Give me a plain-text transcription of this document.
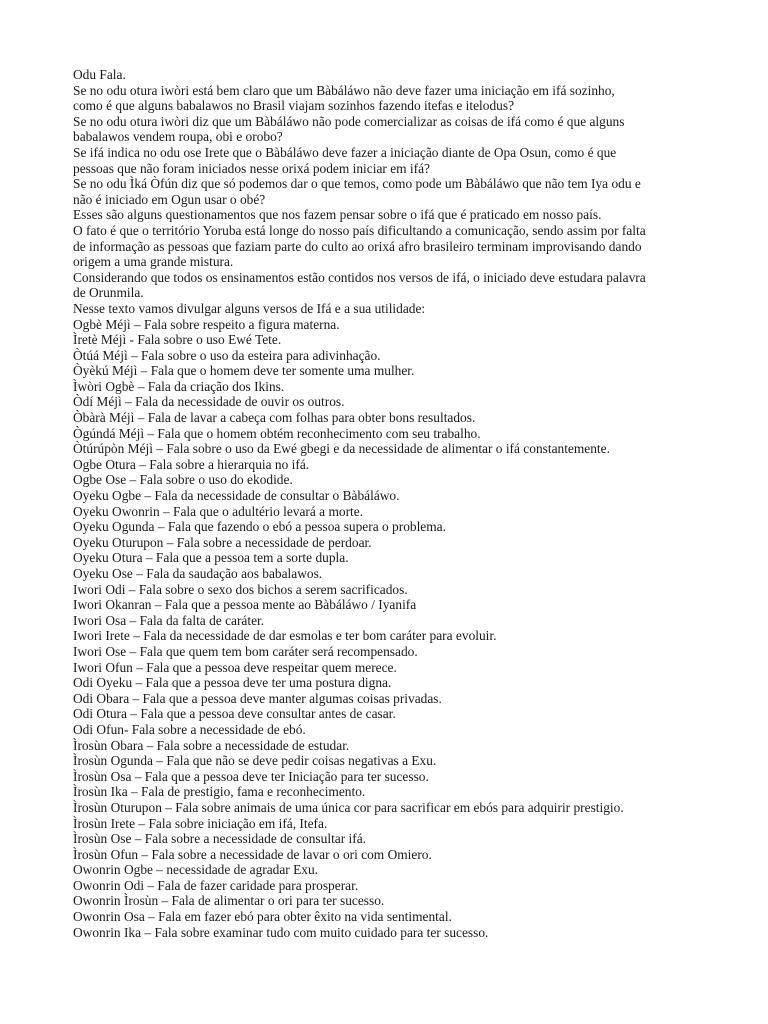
Odu Fala.
Se no odu otura iwòri está bem claro que um Bàbáláwo não deve fazer uma iniciação em ifá sozinho,
como é que alguns babalawos no Brasil viajam sozinhos fazendo itefas e itelodus?
Se no odu otura iwòri diz que um Bàbáláwo não pode comercializar as coisas de ifá como é que alguns
babalawos vendem roupa, obi e orobo?
Se ifá indica no odu ose Irete que o Bàbáláwo deve fazer a iniciação diante de Opa Osun, como é que
pessoas que não foram iniciados nesse orixá podem iniciar em ifá?
Se no odu Ìká Òfún diz que só podemos dar o que temos, como pode um Bàbáláwo que não tem Iya odu e
não é iniciado em Ogun usar o obé?
Esses são alguns questionamentos que nos fazem pensar sobre o ifá que é praticado em nosso país.
O fato é que o território Yoruba está longe do nosso país dificultando a comunicação, sendo assim por falta
de informação as pessoas que faziam parte do culto ao orixá afro brasileiro terminam improvisando dando
origem a uma grande mistura.
Considerando que todos os ensinamentos estão contidos nos versos de ifá, o iniciado deve estudara palavra
de Orunmila.
Nesse texto vamos divulgar alguns versos de Ifá e a sua utilidade:
Ogbè Méjì – Fala sobre respeito a figura materna.
Ìretè Méjì - Fala sobre o uso Ewé Tete.
Òtúá Méjì – Fala sobre o uso da esteira para adivinhação.
Òyèkú Méjì – Fala que o homem deve ter somente uma mulher.
Ìwòri Ogbè – Fala da criação dos Ikins.
Òdí Méjì – Fala da necessidade de ouvir os outros.
Òbàrà Méjì – Fala de lavar a cabeça com folhas para obter bons resultados.
Ògúndá Méjì – Fala que o homem obtém reconhecimento com seu trabalho.
Òtúrúpòn Méjì – Fala sobre o uso da Ewé gbegi e da necessidade de alimentar o ifá constantemente.
Ogbe Otura – Fala sobre a hierarquia no ifá.
Ogbe Ose – Fala sobre o uso do ekodide.
Oyeku Ogbe – Fala da necessidade de consultar o Bàbáláwo.
Oyeku Owonrin – Fala que o adultério levará a morte.
Oyeku Ogunda – Fala que fazendo o ebó a pessoa supera o problema.
Oyeku Oturupon – Fala sobre a necessidade de perdoar.
Oyeku Otura – Fala que a pessoa tem a sorte dupla.
Oyeku Ose – Fala da saudação aos babalawos.
Iwori Odi – Fala sobre o sexo dos bichos a serem sacrificados.
Iwori Okanran – Fala que a pessoa mente ao Bàbáláwo / Iyanifa
Iwori Osa – Fala da falta de caráter.
Iwori Irete – Fala da necessidade de dar esmolas e ter bom caráter para evoluir.
Iwori Ose – Fala que quem tem bom caráter será recompensado.
Iwori Ofun – Fala que a pessoa deve respeitar quem merece.
Odi Oyeku – Fala que a pessoa deve ter uma postura digna.
Odi Obara – Fala que a pessoa deve manter algumas coisas privadas.
Odi Otura – Fala que a pessoa deve consultar antes de casar.
Odi Ofun- Fala sobre a necessidade de ebó.
Ìrosùn Obara – Fala sobre a necessidade de estudar.
Ìrosùn Ogunda – Fala que não se deve pedir coisas negativas a Exu.
Ìrosùn Osa – Fala que a pessoa deve ter Iniciação para ter sucesso.
Ìrosùn Ika – Fala de prestigio, fama e reconhecimento.
Ìrosùn Oturupon – Fala sobre animais de uma única cor para sacrificar em ebós para adquirir prestigio.
Ìrosùn Irete – Fala sobre iniciação em ifá, Itefa.
Ìrosùn Ose – Fala sobre a necessidade de consultar ifá.
Ìrosùn Ofun – Fala sobre a necessidade de lavar o ori com Omiero.
Owonrin Ogbe – necessidade de agradar Exu.
Owonrin Odi – Fala de fazer caridade para prosperar.
Owonrin Ìrosùn – Fala de alimentar o ori para ter sucesso.
Owonrin Osa – Fala em fazer ebó para obter êxito na vida sentimental.
Owonrin Ika – Fala sobre examinar tudo com muito cuidado para ter sucesso.
